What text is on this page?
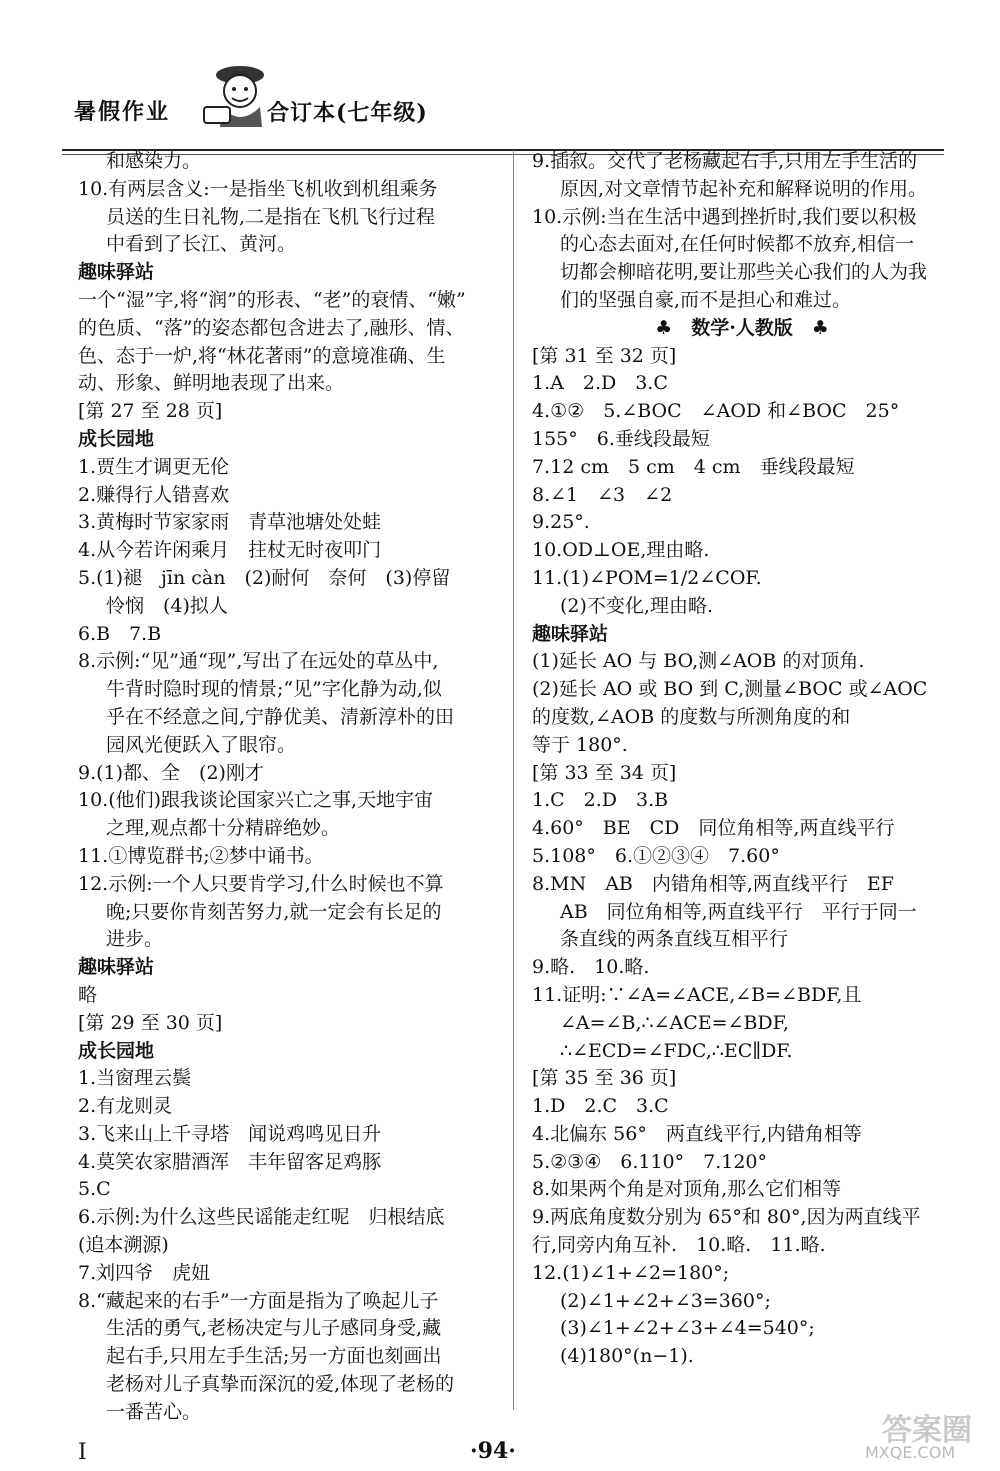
暑假作业	合订本(七年级)
和感染力。
10.有两层含义:一是指坐飞机收到机组乘务
员送的生日礼物,二是指在飞机飞行过程
中看到了长江、黄河。
趣味驿站
一个“湿”字,将“润”的形表、“老”的衰情、“嫩”
的色质、“落”的姿态都包含进去了,融形、情、
色、态于一炉,将“林花著雨”的意境准确、生
动、形象、鲜明地表现了出来。
[第 27 至 28 页]
成长园地
1.贾生才调更无伦
2.赚得行人错喜欢
3.黄梅时节家家雨　青草池塘处处蛙
4.从今若许闲乘月　拄杖无时夜叩门
5.(1)褪　jīn càn　(2)耐何　奈何　(3)停留
怜悯　(4)拟人
6.B　7.B
8.示例:“见”通“现”,写出了在远处的草丛中,
牛背时隐时现的情景;“见”字化静为动,似
乎在不经意之间,宁静优美、清新淳朴的田
园风光便跃入了眼帘。
9.(1)都、全　(2)刚才
10.(他们)跟我谈论国家兴亡之事,天地宇宙
之理,观点都十分精辟绝妙。
11.①博览群书;②梦中诵书。
12.示例:一个人只要肯学习,什么时候也不算
晚;只要你肯刻苦努力,就一定会有长足的
进步。
趣味驿站
略
[第 29 至 30 页]
成长园地
1.当窗理云鬓
2.有龙则灵
3.飞来山上千寻塔　闻说鸡鸣见日升
4.莫笑农家腊酒浑　丰年留客足鸡豚
5.C
6.示例:为什么这些民谣能走红呢　归根结底
(追本溯源)
7.刘四爷　虎妞
8.“藏起来的右手”一方面是指为了唤起儿子
生活的勇气,老杨决定与儿子感同身受,藏
起右手,只用左手生活;另一方面也刻画出
老杨对儿子真挚而深沉的爱,体现了老杨的
一番苦心。
9.插叙。交代了老杨藏起右手,只用左手生活的
原因,对文章情节起补充和解释说明的作用。
10.示例:当在生活中遇到挫折时,我们要以积极
的心态去面对,在任何时候都不放弃,相信一
切都会柳暗花明,要让那些关心我们的人为我
们的坚强自豪,而不是担心和难过。
♣　数学·人教版　♣
[第 31 至 32 页]
1.A　2.D　3.C
4.①②　5.∠BOC　∠AOD 和∠BOC　25°
155°　6.垂线段最短
7.12 cm　5 cm　4 cm　垂线段最短
8.∠1　∠3　∠2
9.25°.
10.OD⊥OE,理由略.
11.(1)∠POM=1/2∠COF.
(2)不变化,理由略.
趣味驿站
(1)延长 AO 与 BO,测∠AOB 的对顶角.
(2)延长 AO 或 BO 到 C,测量∠BOC 或∠AOC
的度数,∠AOB 的度数与所测角度的和
等于 180°.
[第 33 至 34 页]
1.C　2.D　3.B
4.60°　BE　CD　同位角相等,两直线平行
5.108°　6.①②③④　7.60°
8.MN　AB　内错角相等,两直线平行　EF
AB　同位角相等,两直线平行　平行于同一
条直线的两条直线互相平行
9.略.　10.略.
11.证明:∵∠A=∠ACE,∠B=∠BDF,且
∠A=∠B,∴∠ACE=∠BDF,
∴∠ECD=∠FDC,∴EC∥DF.
[第 35 至 36 页]
1.D　2.C　3.C
4.北偏东 56°　两直线平行,内错角相等
5.②③④　6.110°　7.120°
8.如果两个角是对顶角,那么它们相等
9.两底角度数分别为 65°和 80°,因为两直线平
行,同旁内角互补.　10.略.　11.略.
12.(1)∠1+∠2=180°;
(2)∠1+∠2+∠3=360°;
(3)∠1+∠2+∠3+∠4=540°;
(4)180°(n−1).
I	·94·
答案圈
MXQE.COM
